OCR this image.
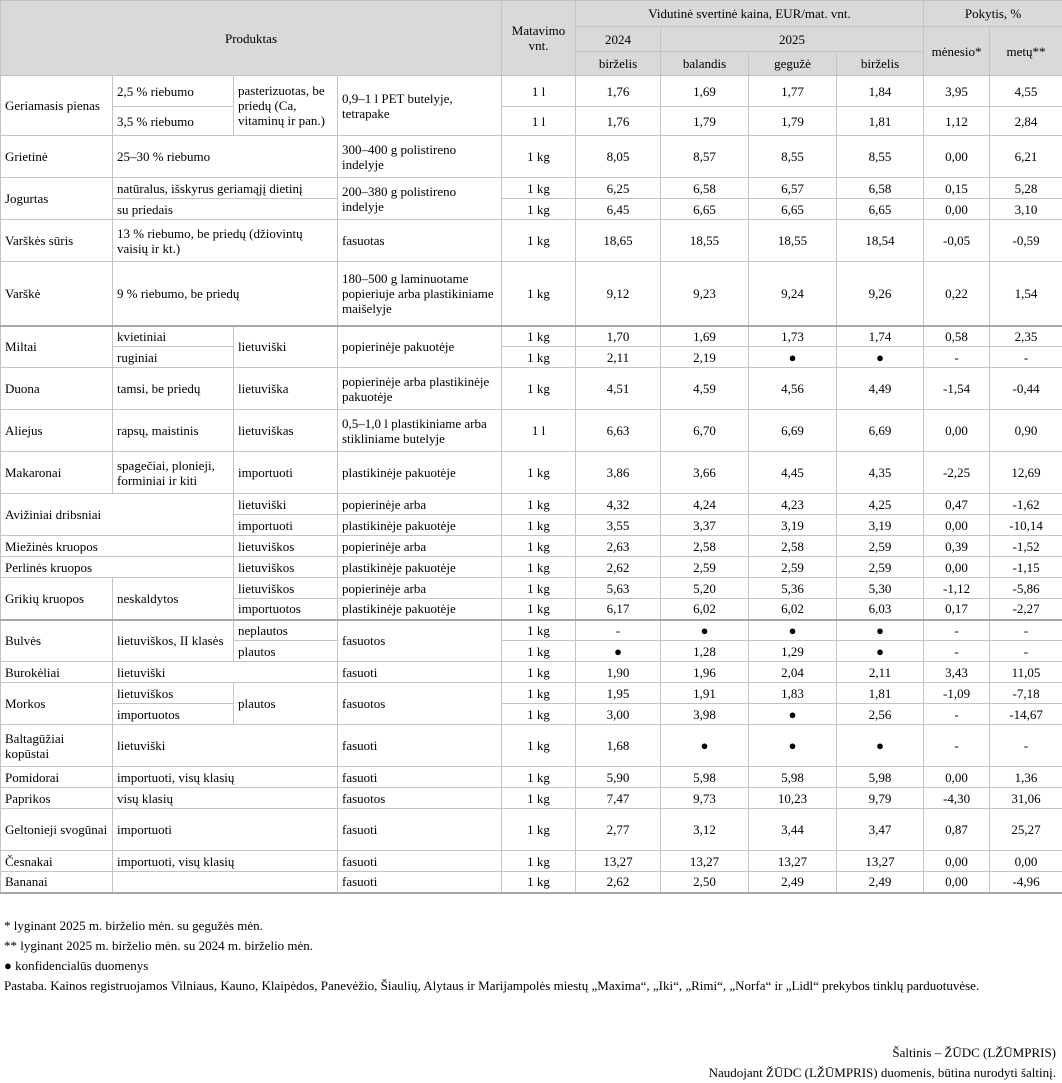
Produktas				Matavimo vnt.	Vidutinė svertinė kaina, EUR/mat. vnt.				Pokytis, %	
					2024	2025			mėnesio*	metų**
					birželis	balandis	gegužė	birželis		
Geriamasis pienas	2,5 % riebumo	pasterizuotas, be priedų (Ca, vitaminų ir pan.)	0,9–1 l PET butelyje, tetrapake	1 l	1,76	1,69	1,77	1,84	3,95	4,55
	3,5 % riebumo			1 l	1,76	1,79	1,79	1,81	1,12	2,84
Grietinė	25–30 % riebumo		300–400 g polistireno indelyje	1 kg	8,05	8,57	8,55	8,55	0,00	6,21
Jogurtas	natūralus, išskyrus geriamąjį dietinį		200–380 g polistireno indelyje	1 kg	6,25	6,58	6,57	6,58	0,15	5,28
	su priedais			1 kg	6,45	6,65	6,65	6,65	0,00	3,10
Varškės sūris	13 % riebumo, be priedų (džiovintų vaisių ir kt.)		fasuotas	1 kg	18,65	18,55	18,55	18,54	-0,05	-0,59
Varškė	9 % riebumo, be priedų		180–500 g laminuotame popieriuje arba plastikiniame maišelyje	1 kg	9,12	9,23	9,24	9,26	0,22	1,54
Miltai	kvietiniai	lietuviški	popierinėje pakuotėje	1 kg	1,70	1,69	1,73	1,74	0,58	2,35
	ruginiai			1 kg	2,11	2,19	●	●	-	-
Duona	tamsi, be priedų	lietuviška	popierinėje arba plastikinėje pakuotėje	1 kg	4,51	4,59	4,56	4,49	-1,54	-0,44
Aliejus	rapsų, maistinis	lietuviškas	0,5–1,0 l plastikiniame arba stikliniame butelyje	1 l	6,63	6,70	6,69	6,69	0,00	0,90
Makaronai	spagečiai, plonieji, forminiai ir kiti	importuoti	plastikinėje pakuotėje	1 kg	3,86	3,66	4,45	4,35	-2,25	12,69
Avižiniai dribsniai		lietuviški	popierinėje arba	1 kg	4,32	4,24	4,23	4,25	0,47	-1,62
		importuoti	plastikinėje pakuotėje	1 kg	3,55	3,37	3,19	3,19	0,00	-10,14
Miežinės kruopos		lietuviškos	popierinėje arba	1 kg	2,63	2,58	2,58	2,59	0,39	-1,52
Perlinės kruopos		lietuviškos	plastikinėje pakuotėje	1 kg	2,62	2,59	2,59	2,59	0,00	-1,15
Grikių kruopos	neskaldytos	lietuviškos	popierinėje arba	1 kg	5,63	5,20	5,36	5,30	-1,12	-5,86
		importuotos	plastikinėje pakuotėje	1 kg	6,17	6,02	6,02	6,03	0,17	-2,27
Bulvės	lietuviškos, II klasės	neplautos	fasuotos	1 kg	-	●	●	●	-	-
		plautos		1 kg	●	1,28	1,29	●	-	-
Burokėliai	lietuviški		fasuoti	1 kg	1,90	1,96	2,04	2,11	3,43	11,05
Morkos	lietuviškos	plautos	fasuotos	1 kg	1,95	1,91	1,83	1,81	-1,09	-7,18
	importuotos			1 kg	3,00	3,98	●	2,56	-	-14,67
Baltagūžiai kopūstai	lietuviški		fasuoti	1 kg	1,68	●	●	●	-	-
Pomidorai	importuoti, visų klasių		fasuoti	1 kg	5,90	5,98	5,98	5,98	0,00	1,36
Paprikos	visų klasių		fasuotos	1 kg	7,47	9,73	10,23	9,79	-4,30	31,06
Geltonieji svogūnai	importuoti		fasuoti	1 kg	2,77	3,12	3,44	3,47	0,87	25,27
Česnakai	importuoti, visų klasių		fasuoti	1 kg	13,27	13,27	13,27	13,27	0,00	0,00
Bananai			fasuoti	1 kg	2,62	2,50	2,49	2,49	0,00	-4,96
* lyginant 2025 m. birželio mėn. su gegužės mėn.
** lyginant 2025 m. birželio mėn. su 2024 m. birželio mėn.
● konfidencialūs duomenys
Pastaba. Kainos registruojamos Vilniaus, Kauno, Klaipėdos, Panevėžio, Šiaulių, Alytaus ir Marijampolės miestų „Maxima“, „Iki“, „Rimi“, „Norfa“ ir „Lidl“ prekybos tinklų parduotuvėse.
Šaltinis – ŽŪDC (LŽŪMPRIS)
Naudojant ŽŪDC (LŽŪMPRIS) duomenis, būtina nurodyti šaltinį.
